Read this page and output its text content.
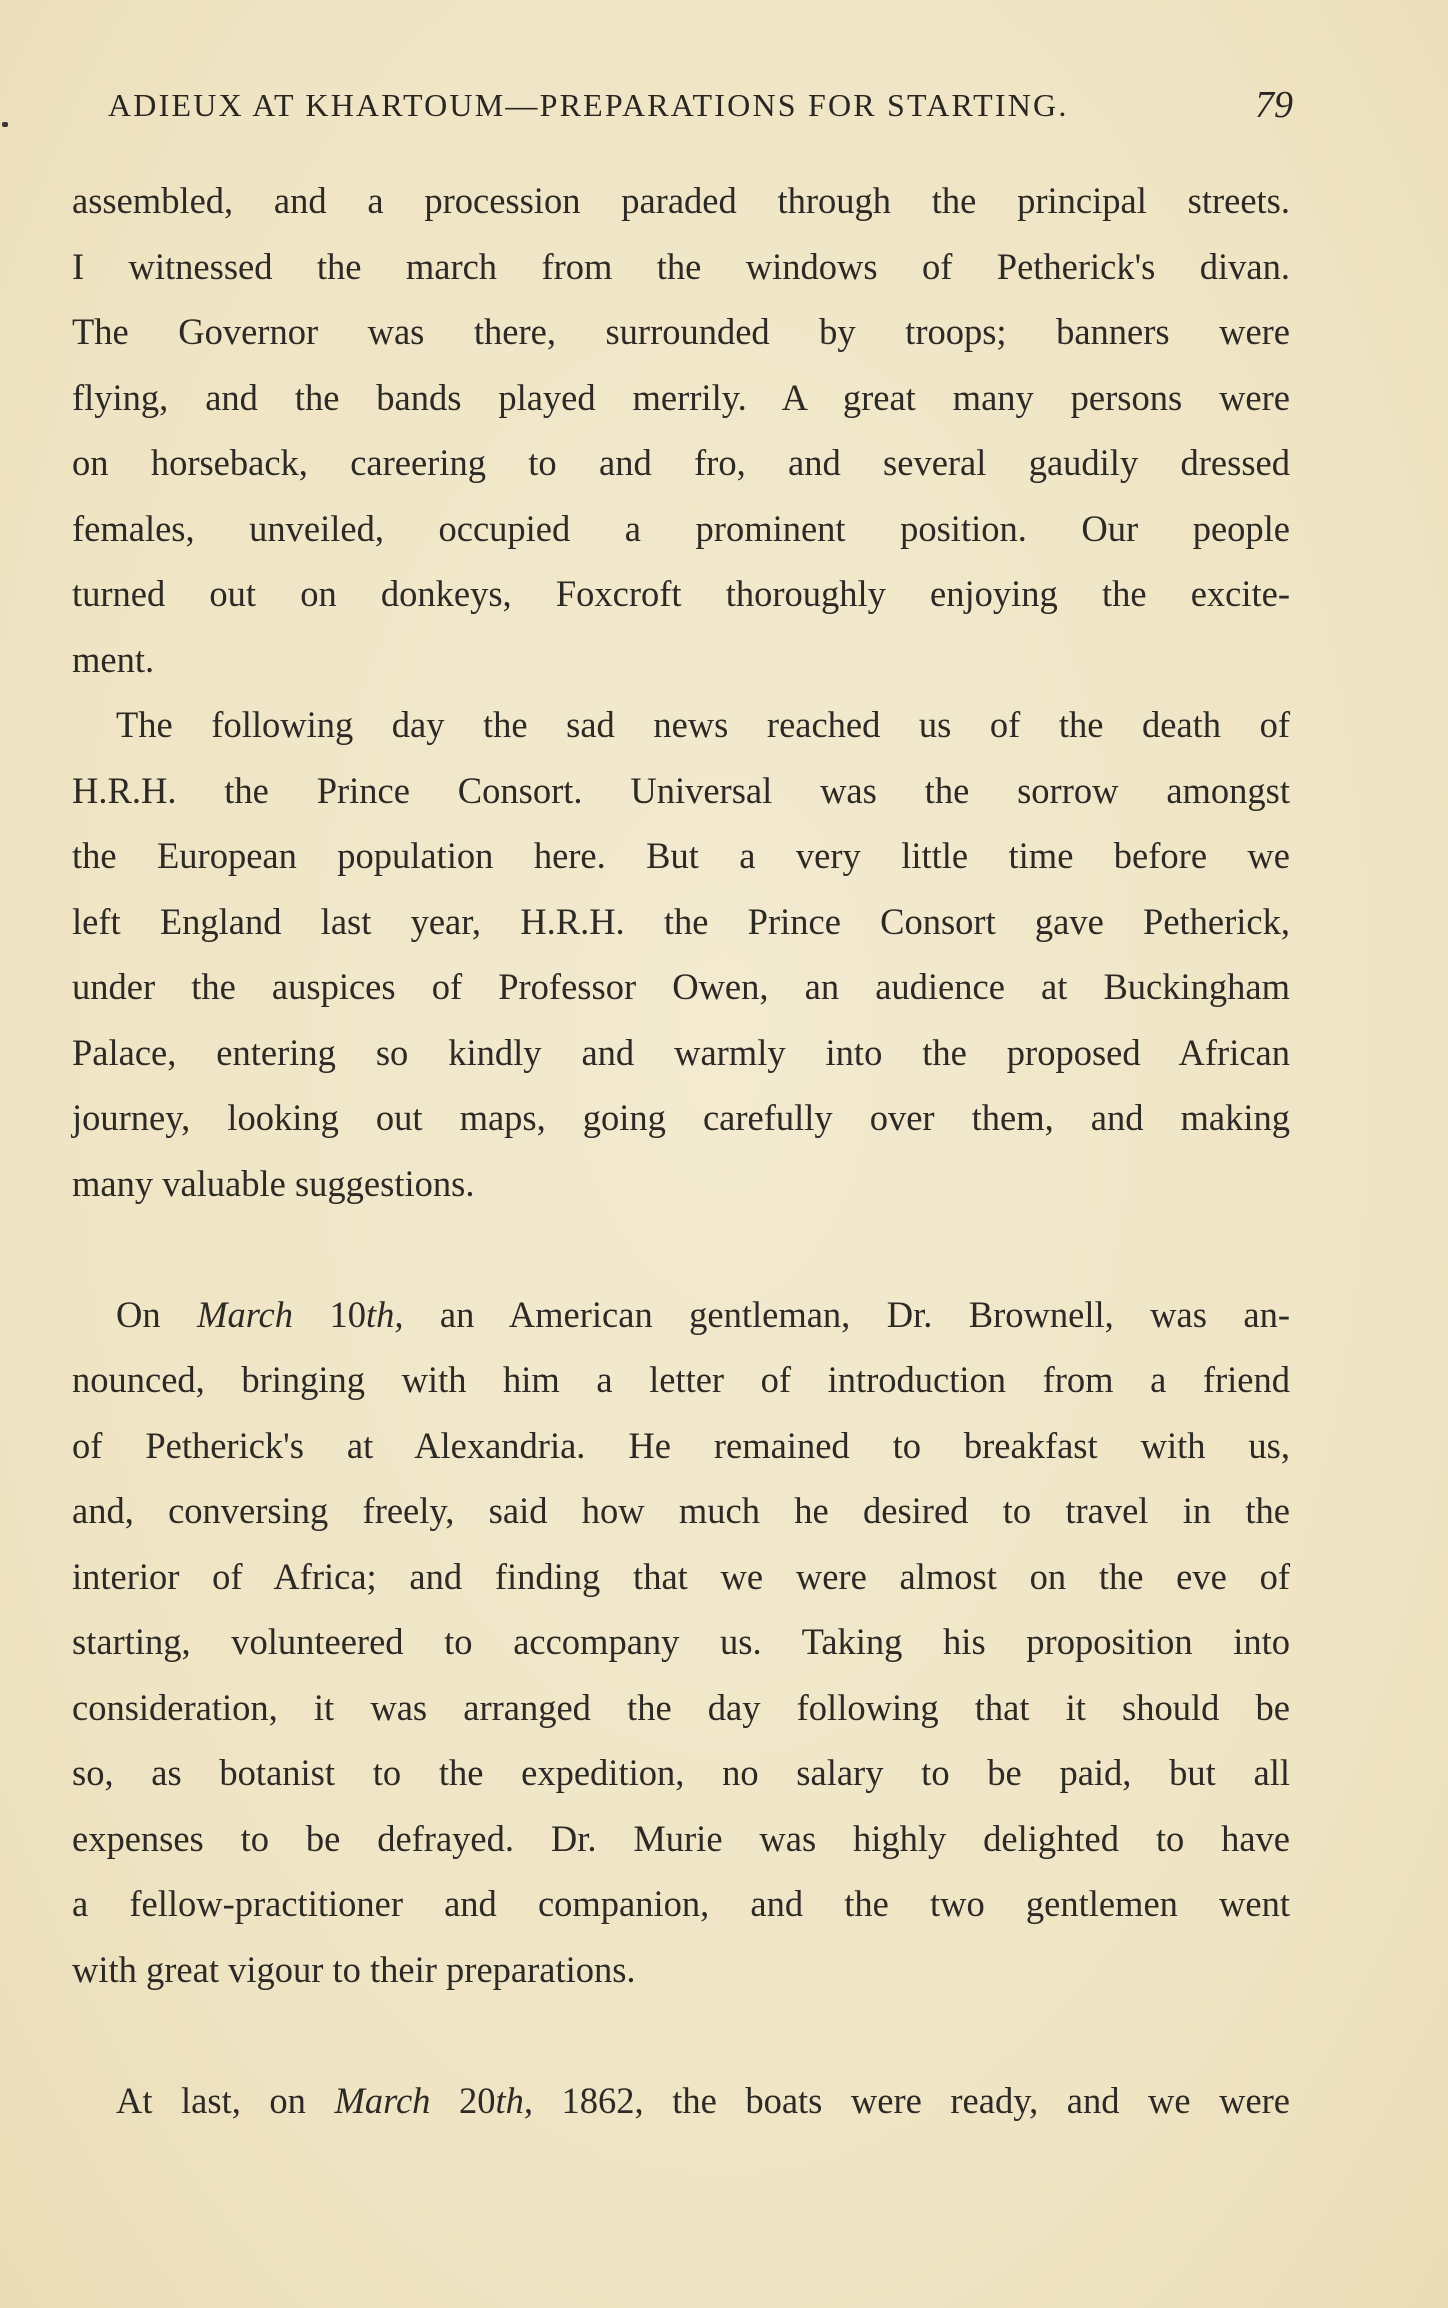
ADIEUX AT KHARTOUM—PREPARATIONS FOR STARTING.	79
assembled, and a procession paraded through the principal streets.
I witnessed the march from the windows of Petherick's divan.
The Governor was there, surrounded by troops; banners were
flying, and the bands played merrily. A great many persons were
on horseback, careering to and fro, and several gaudily dressed
females, unveiled, occupied a prominent position. Our people
turned out on donkeys, Foxcroft thoroughly enjoying the excite-
ment.
The following day the sad news reached us of the death of
H.R.H. the Prince Consort. Universal was the sorrow amongst
the European population here. But a very little time before we
left England last year, H.R.H. the Prince Consort gave Petherick,
under the auspices of Professor Owen, an audience at Buckingham
Palace, entering so kindly and warmly into the proposed African
journey, looking out maps, going carefully over them, and making
many valuable suggestions.
On March 10th, an American gentleman, Dr. Brownell, was an-
nounced, bringing with him a letter of introduction from a friend
of Petherick's at Alexandria. He remained to breakfast with us,
and, conversing freely, said how much he desired to travel in the
interior of Africa; and finding that we were almost on the eve of
starting, volunteered to accompany us. Taking his proposition into
consideration, it was arranged the day following that it should be
so, as botanist to the expedition, no salary to be paid, but all
expenses to be defrayed. Dr. Murie was highly delighted to have
a fellow-practitioner and companion, and the two gentlemen went
with great vigour to their preparations.
At last, on March 20th, 1862, the boats were ready, and we were
